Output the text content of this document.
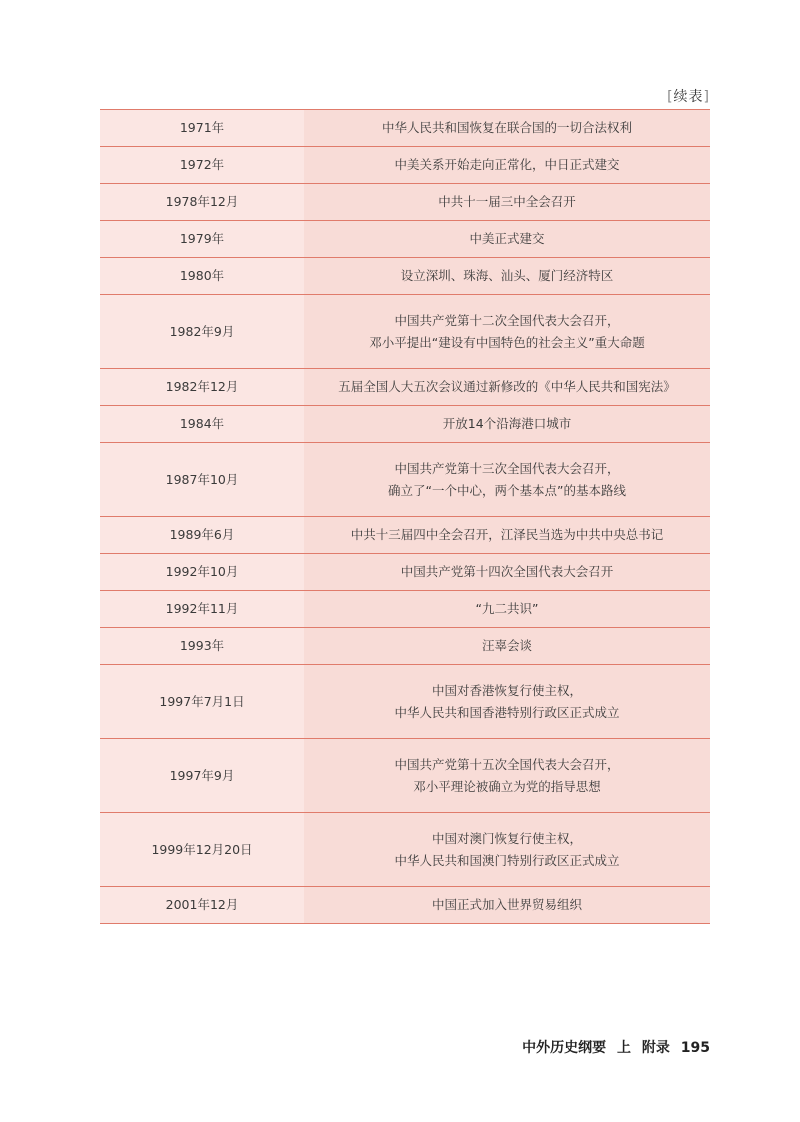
[续表]
1971年	中华人民共和国恢复在联合国的一切合法权利

1972年	中美关系开始走向正常化，中日正式建交

1978年12月	中共十一届三中全会召开

1979年	中美正式建交

1980年	设立深圳、珠海、汕头、厦门经济特区

1982年9月	中国共产党第十二次全国代表大会召开，
邓小平提出“建设有中国特色的社会主义”重大命题

1982年12月	五届全国人大五次会议通过新修改的《中华人民共和国宪法》

1984年	开放14个沿海港口城市

1987年10月	中国共产党第十三次全国代表大会召开，
确立了“一个中心，两个基本点”的基本路线

1989年6月	中共十三届四中全会召开，江泽民当选为中共中央总书记

1992年10月	中国共产党第十四次全国代表大会召开

1992年11月	“九二共识”

1993年	汪辜会谈

1997年7月1日	中国对香港恢复行使主权，
中华人民共和国香港特别行政区正式成立

1997年9月	中国共产党第十五次全国代表大会召开，
邓小平理论被确立为党的指导思想

1999年12月20日	中国对澳门恢复行使主权，
中华人民共和国澳门特别行政区正式成立

2001年12月	中国正式加入世界贸易组织
中外历史纲要 上 附录 195
